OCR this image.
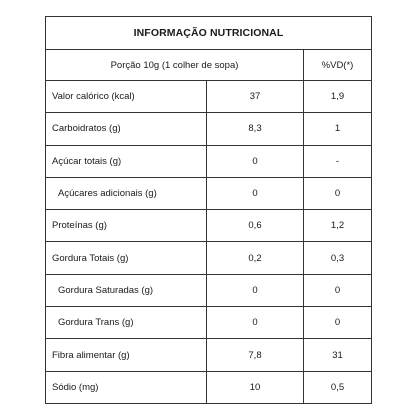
INFORMAÇÃO NUTRICIONAL
Porção 10g (1 colher de sopa)	%VD(*)
Valor calórico (kcal)	37	1,9
Carboidratos (g)	8,3	1
Açúcar totais (g)	0	-
Açúcares adicionais (g)	0	0
Proteínas (g)	0,6	1,2
Gordura Totais (g)	0,2	0,3
Gordura Saturadas (g)	0	0
Gordura Trans (g)	0	0
Fibra alimentar (g)	7,8	31
Sódio (mg)	10	0,5
